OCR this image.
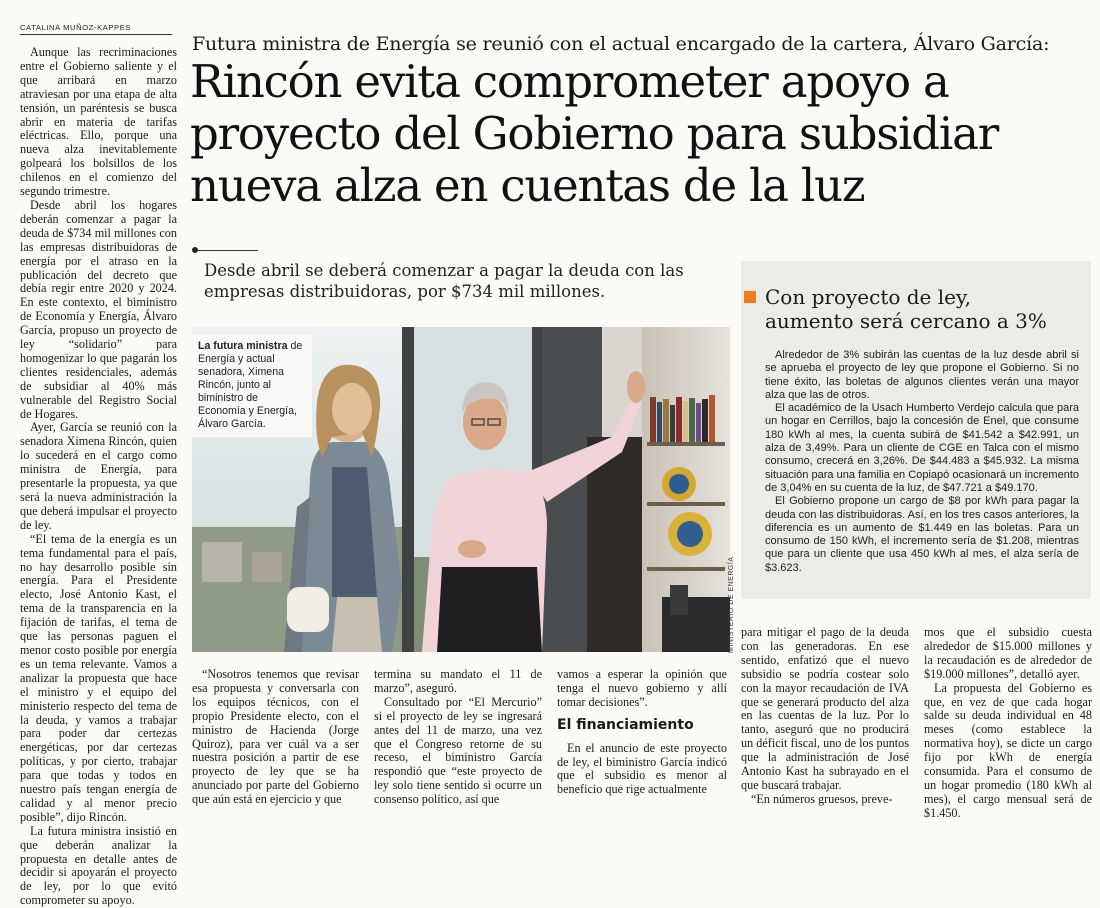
CATALINA MUÑOZ-KAPPES

Aunque las recriminaciones entre el Gobierno saliente y el que arribará en marzo atraviesan por una etapa de alta tensión, un paréntesis se busca abrir en materia de tarifas eléctricas. Ello, porque una nueva alza inevitablemente golpeará los bolsillos de los chilenos en el comienzo del segundo trimestre.

Desde abril los hogares deberán comenzar a pagar la deuda de $734 mil millones con las empresas distribuidoras de energía por el atraso en la publicación del decreto que debía regir entre 2020 y 2024. En este contexto, el biministro de Economía y Energía, Álvaro García, propuso un proyecto de ley “solidario” para homogenizar lo que pagarán los clientes residenciales, además de subsidiar al 40% más vulnerable del Registro Social de Hogares.

Ayer, García se reunió con la senadora Ximena Rincón, quien lo sucederá en el cargo como ministra de Energía, para presentarle la propuesta, ya que será la nueva administración la que deberá impulsar el proyecto de ley.

“El tema de la energía es un tema fundamental para el país, no hay desarrollo posible sin energía. Para el Presidente electo, José Antonio Kast, el tema de la transparencia en la fijación de tarifas, el tema de que las personas paguen el menor costo posible por energía es un tema relevante. Vamos a analizar la propuesta que hace el ministro y el equipo del ministerio respecto del tema de la deuda, y vamos a trabajar para poder dar certezas energéticas, por dar certezas políticas, y por cierto, trabajar para que todas y todos en nuestro país tengan energía de calidad y al menor precio posible”, dijo Rincón.

La futura ministra insistió en que deberán analizar la propuesta en detalle antes de decidir si apoyarán el proyecto de ley, por lo que evitó comprometer su apoyo.

Futura ministra de Energía se reunió con el actual encargado de la cartera, Álvaro García:
Rincón evita comprometer apoyo a
proyecto del Gobierno para subsidiar
nueva alza en cuentas de la luz
Desde abril se deberá comenzar a pagar la deuda con las empresas distribuidoras, por $734 mil millones.
La futura ministra de Energía y actual senadora, Ximena Rincón, junto al biministro de Economía y Energía, Álvaro García.
MINISTERIO DE ENERGÍA
Con proyecto de ley,
aumento será cercano a 3%

Alrededor de 3% subirán las cuentas de la luz desde abril si se aprueba el proyecto de ley que propone el Gobierno. Si no tiene éxito, las boletas de algunos clientes verán una mayor alza que las de otros.

El académico de la Usach Humberto Verdejo calcula que para un hogar en Cerrillos, bajo la concesión de Enel, que consume 180 kWh al mes, la cuenta subirá de $41.542 a $42.991, un alza de 3,49%. Para un cliente de CGE en Talca con el mismo consumo, crecerá en 3,26%. De $44.483 a $45.932. La misma situación para una familia en Copiapó ocasionará un incremento de 3,04% en su cuenta de la luz, de $47.721 a $49.170.

El Gobierno propone un cargo de $8 por kWh para pagar la deuda con las distribuidoras. Así, en los tres casos anteriores, la diferencia es un aumento de $1.449 en las boletas. Para un consumo de 150 kWh, el incremento sería de $1.208, mientras que para un cliente que usa 450 kWh al mes, el alza sería de $3.623.

“Nosotros tenemos que revisar esa propuesta y conversarla con los equipos técnicos, con el propio Presidente electo, con el ministro de Hacienda (Jorge Quiroz), para ver cuál va a ser nuestra posición a partir de ese proyecto de ley que se ha anunciado por parte del Gobierno que aún está en ejercicio y que

termina su mandato el 11 de marzo”, aseguró.

Consultado por “El Mercurio” si el proyecto de ley se ingresará antes del 11 de marzo, una vez que el Congreso retorne de su receso, el biministro García respondió que “este proyecto de ley solo tiene sentido si ocurre un consenso político, así que

vamos a esperar la opinión que tenga el nuevo gobierno y allí tomar decisiones”.

El financiamiento

En el anuncio de este proyecto de ley, el biministro García indicó que el subsidio es menor al beneficio que rige actualmente

para mitigar el pago de la deuda con las generadoras. En ese sentido, enfatizó que el nuevo subsidio se podría costear solo con la mayor recaudación de IVA que se generará producto del alza en las cuentas de la luz. Por lo tanto, aseguró que no producirá un déficit fiscal, uno de los puntos que la administración de José Antonio Kast ha subrayado en el que buscará trabajar.

“En números gruesos, preve-

mos que el subsidio cuesta alrededor de $15.000 millones y la recaudación es de alrededor de $19.000 millones”, detalló ayer.

La propuesta del Gobierno es que, en vez de que cada hogar salde su deuda individual en 48 meses (como establece la normativa hoy), se dicte un cargo fijo por kWh de energía consumida. Para el consumo de un hogar promedio (180 kWh al mes), el cargo mensual será de $1.450.
